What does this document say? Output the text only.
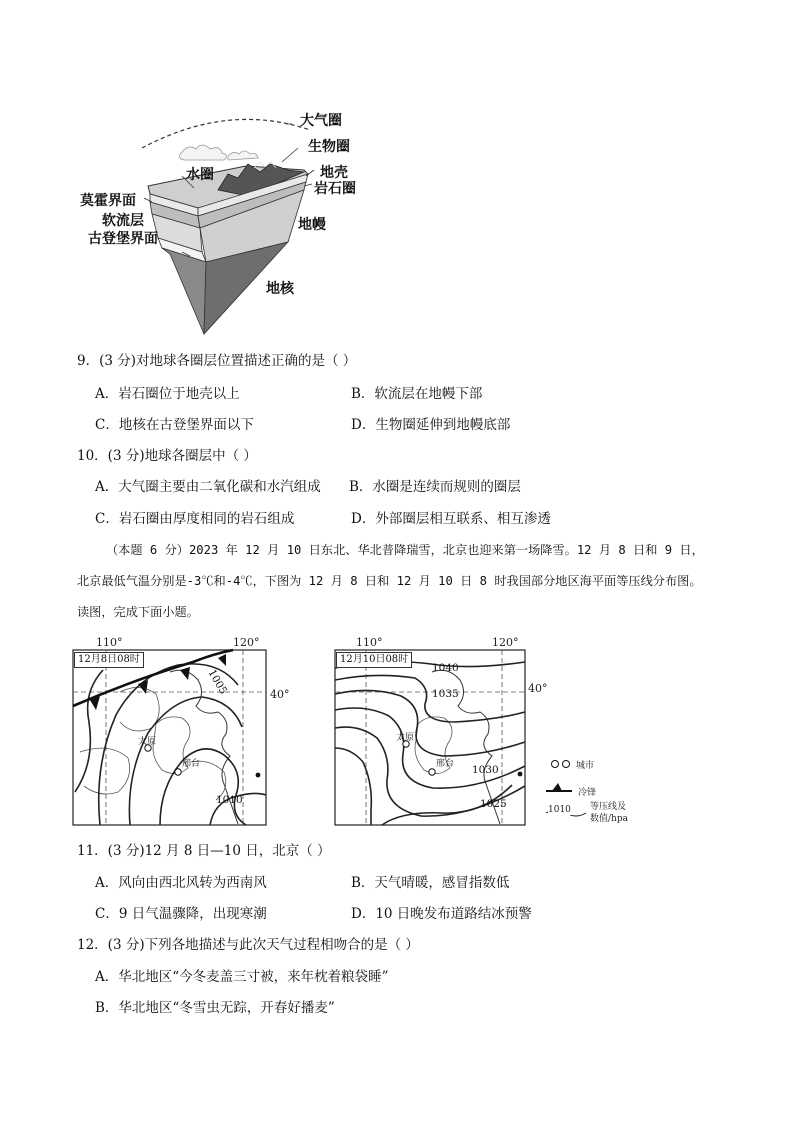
大气圈
生物圈
水圈	地壳
岩石圈
莫霍界面
软流层	地幔
古登堡界面
地核
9．(3 分)对地球各圈层位置描述正确的是（ ）
A．岩石圈位于地壳以上	B．软流层在地幔下部
C．地核在古登堡界面以下	D．生物圈延伸到地幔底部
10．(3 分)地球各圈层中（ ）
A．大气圈主要由二氧化碳和水汽组成 B．水圈是连续而规则的圈层
C．岩石圈由厚度相同的岩石组成	D．外部圈层相互联系、相互渗透
（本题 6 分）2023 年 12 月 10 日东北、华北普降瑞雪，北京也迎来第一场降雪。12 月 8 日和 9 日，
北京最低气温分别是-3℃和-4℃，下图为 12 月 8 日和 12 月 10 日 8 时我国部分地区海平面等压线分布图。
读图，完成下面小题。
110°	120°
12月8日08时
40°
1005
1010
太原
邢台
110°	120°
12月10日08时
40°
1040
1035
1030
1025
太原
邢台	城市
冷锋
1010 等压线及
数值/hpa
11．(3 分)12 月 8 日—10 日，北京（ ）
A．风向由西北风转为西南风	B．天气晴暖，感冒指数低
C．9 日气温骤降，出现寒潮	D．10 日晚发布道路结冰预警
12．(3 分)下列各地描述与此次天气过程相吻合的是（ ）
A．华北地区“今冬麦盖三寸被，来年枕着粮袋睡”
B．华北地区“冬雪虫无踪，开春好播麦”
